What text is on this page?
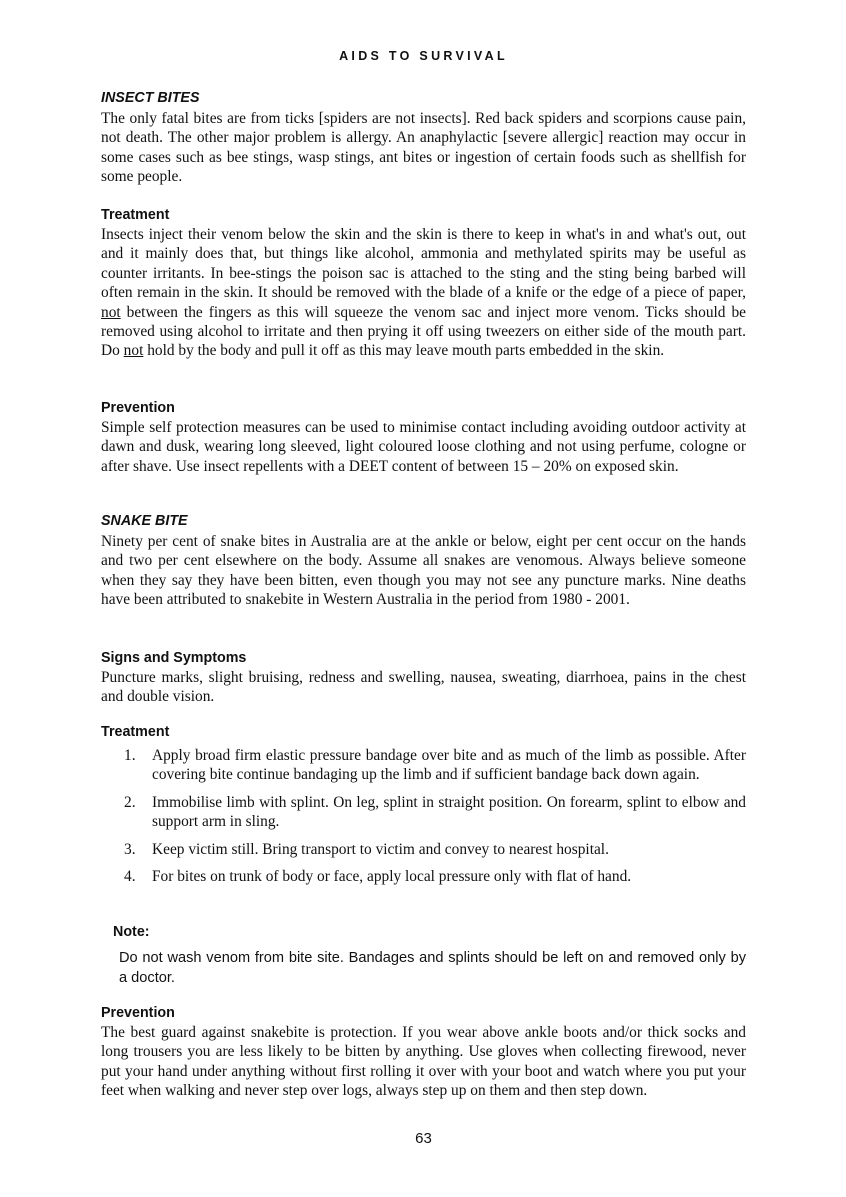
AIDS TO SURVIVAL

INSECT BITES

The only fatal bites are from ticks [spiders are not insects]. Red back spiders and scorpions cause pain, not death. The other major problem is allergy. An anaphylactic [severe allergic] reaction may occur in some cases such as bee stings, wasp stings, ant bites or ingestion of certain foods such as shellfish for some people.

Treatment

Insects inject their venom below the skin and the skin is there to keep in what's in and what's out, out and it mainly does that, but things like alcohol, ammonia and methylated spirits may be useful as counter irritants. In bee-stings the poison sac is attached to the sting and the sting being barbed will often remain in the skin. It should be removed with the blade of a knife or the edge of a piece of paper, not between the fingers as this will squeeze the venom sac and inject more venom. Ticks should be removed using alcohol to irritate and then prying it off using tweezers on either side of the mouth part. Do not hold by the body and pull it off as this may leave mouth parts embedded in the skin.

Prevention

Simple self protection measures can be used to minimise contact including avoiding outdoor activity at dawn and dusk, wearing long sleeved, light coloured loose clothing and not using perfume, cologne or after shave. Use insect repellents with a DEET content of between 15 – 20% on exposed skin.

SNAKE BITE

Ninety per cent of snake bites in Australia are at the ankle or below, eight per cent occur on the hands and two per cent elsewhere on the body. Assume all snakes are venomous. Always believe someone when they say they have been bitten, even though you may not see any puncture marks. Nine deaths have been attributed to snakebite in Western Australia in the period from 1980 - 2001.

Signs and Symptoms

Puncture marks, slight bruising, redness and swelling, nausea, sweating, diarrhoea, pains in the chest and double vision.

Treatment

1. Apply broad firm elastic pressure bandage over bite and as much of the limb as possible. After covering bite continue bandaging up the limb and if sufficient bandage back down again.
2. Immobilise limb with splint. On leg, splint in straight position. On forearm, splint to elbow and support arm in sling.
3. Keep victim still. Bring transport to victim and convey to nearest hospital.
4. For bites on trunk of body or face, apply local pressure only with flat of hand.
Note:

Do not wash venom from bite site. Bandages and splints should be left on and removed only by a doctor.

Prevention

The best guard against snakebite is protection. If you wear above ankle boots and/or thick socks and long trousers you are less likely to be bitten by anything. Use gloves when collecting firewood, never put your hand under anything without first rolling it over with your boot and watch where you put your feet when walking and never step over logs, always step up on them and then step down.

63
